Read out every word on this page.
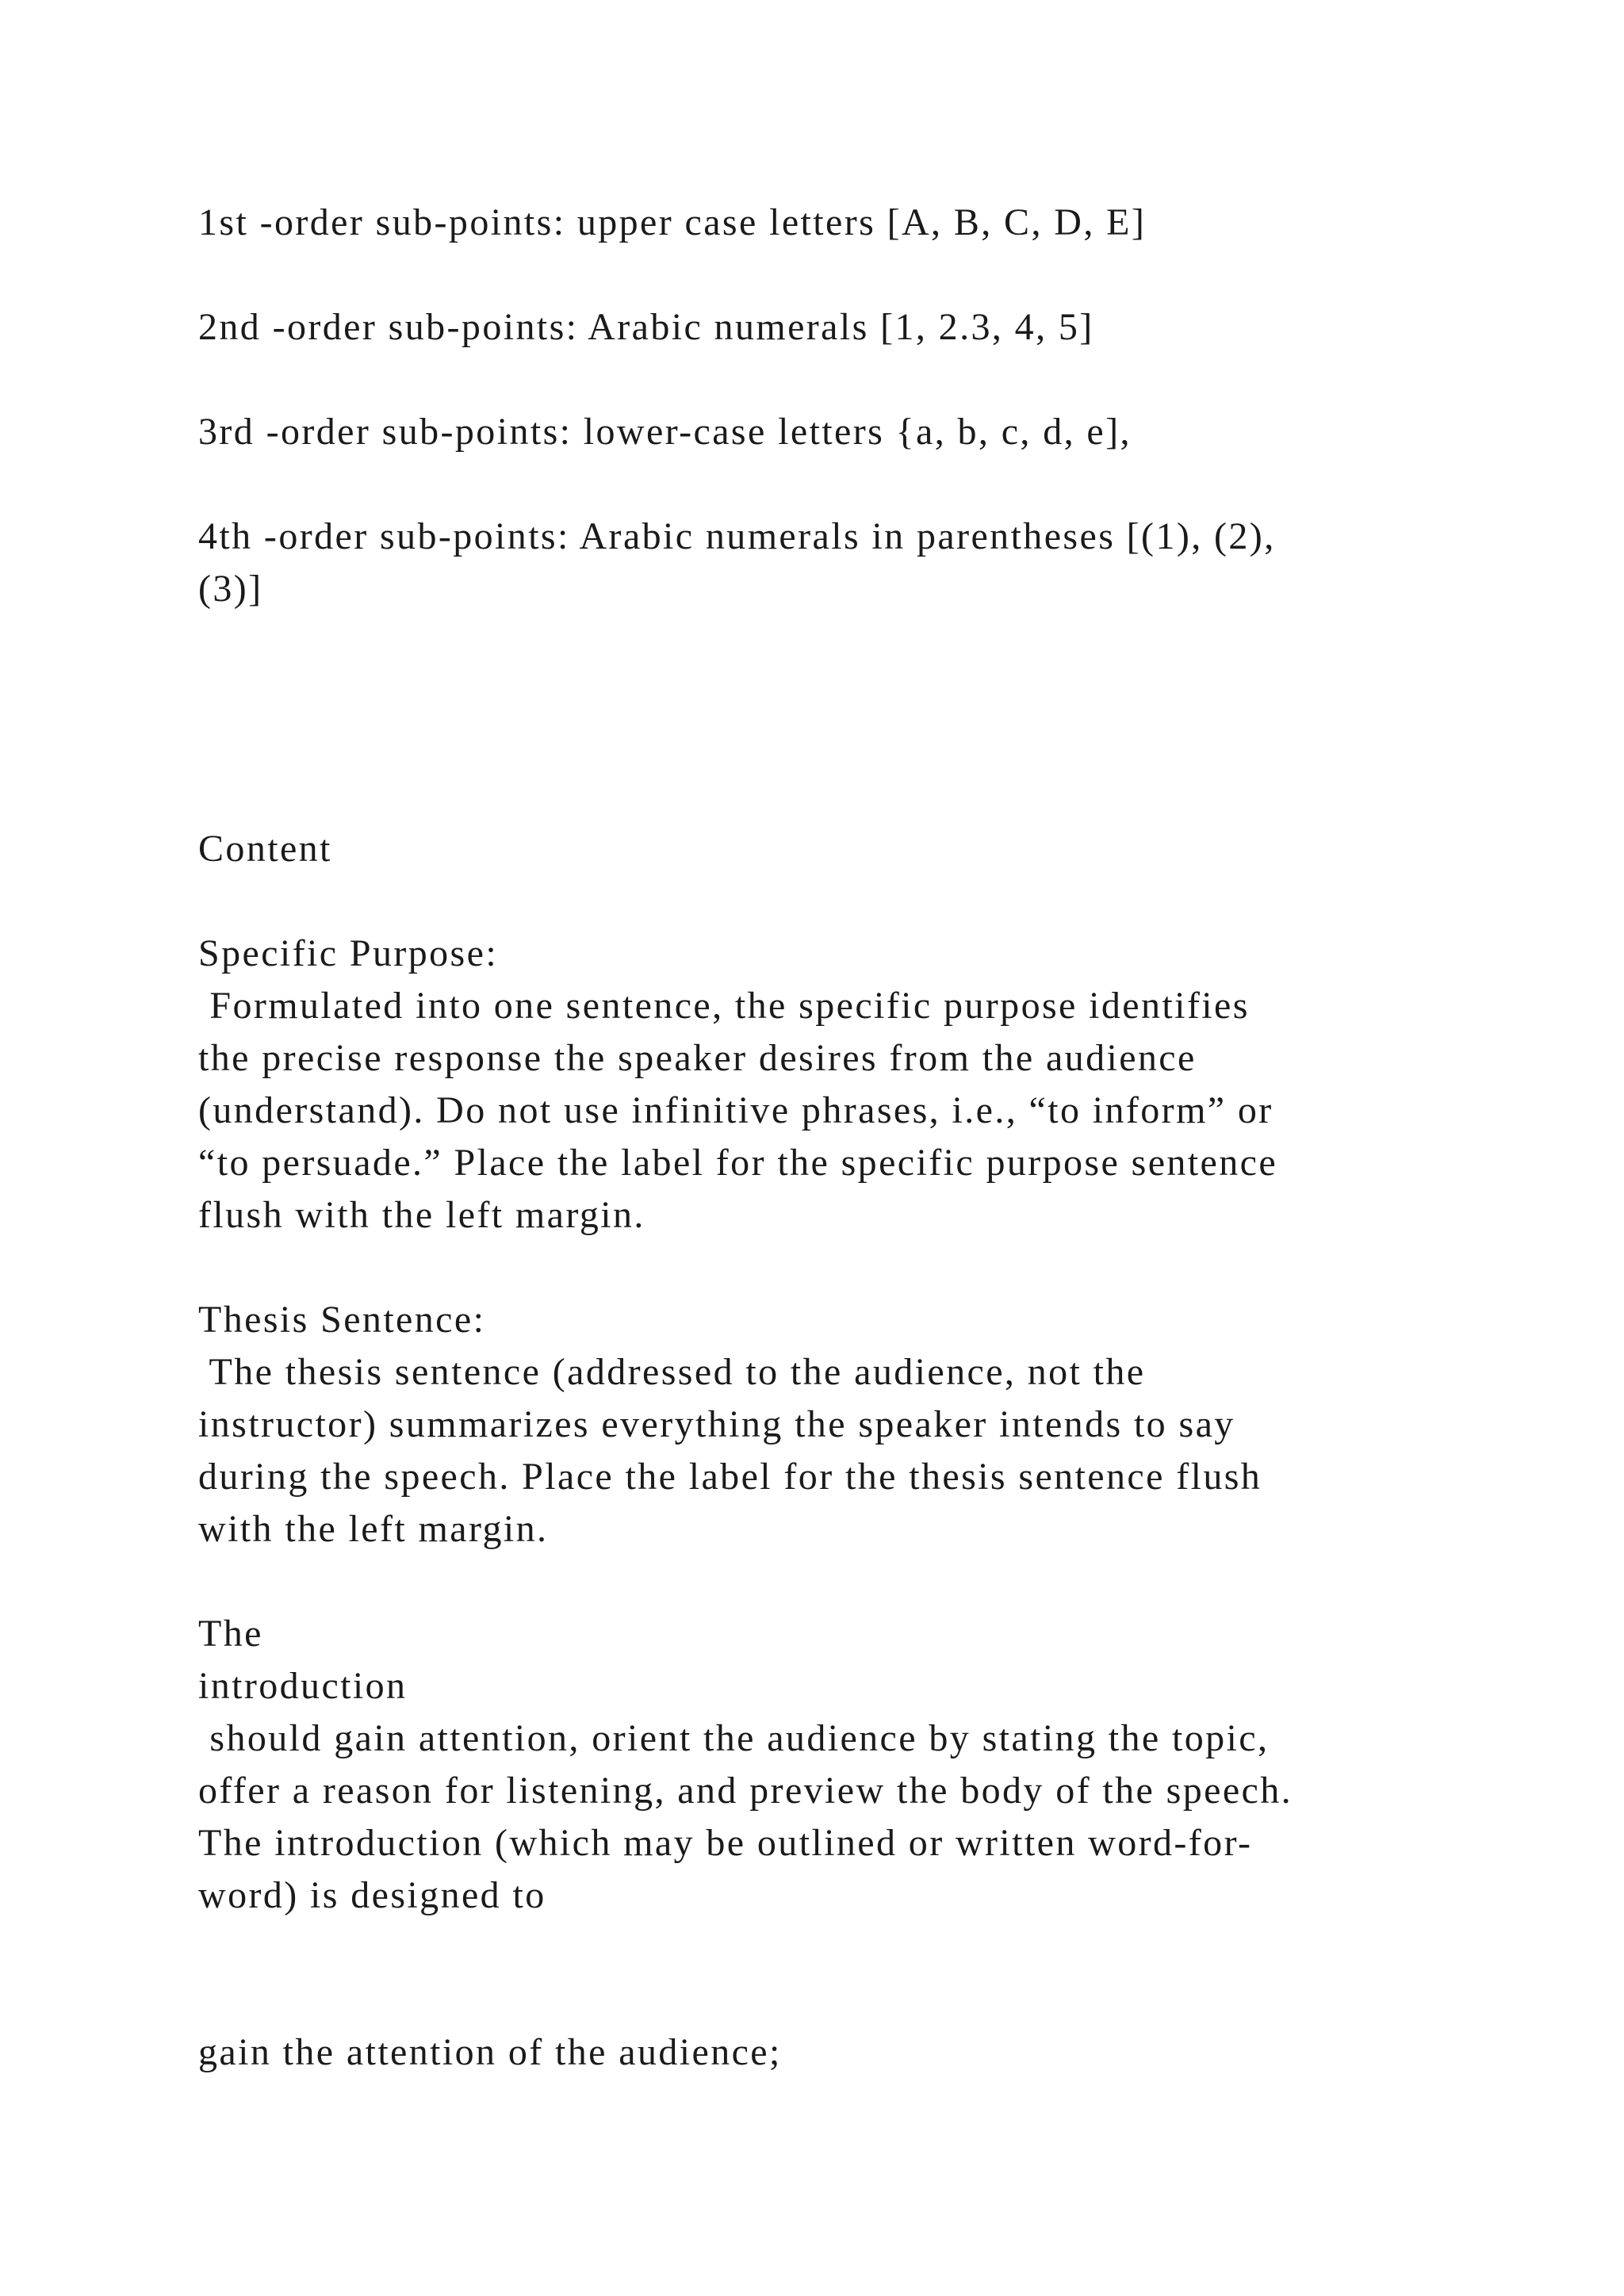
1st -order sub-points: upper case letters [A, B, C, D, E]

2nd -order sub-points: Arabic numerals [1, 2.3, 4, 5]

3rd -order sub-points: lower-case letters {a, b, c, d, e],

4th -order sub-points: Arabic numerals in parentheses [(1), (2),

(3)]

Content

Specific Purpose:

Formulated into one sentence, the specific purpose identifies

the precise response the speaker desires from the audience

(understand). Do not use infinitive phrases, i.e., “to inform” or

“to persuade.” Place the label for the specific purpose sentence

flush with the left margin.

Thesis Sentence:

The thesis sentence (addressed to the audience, not the

instructor) summarizes everything the speaker intends to say

during the speech. Place the label for the thesis sentence flush

with the left margin.

The

introduction

should gain attention, orient the audience by stating the topic,

offer a reason for listening, and preview the body of the speech.

The introduction (which may be outlined or written word-for-

word) is designed to

gain the attention of the audience;
